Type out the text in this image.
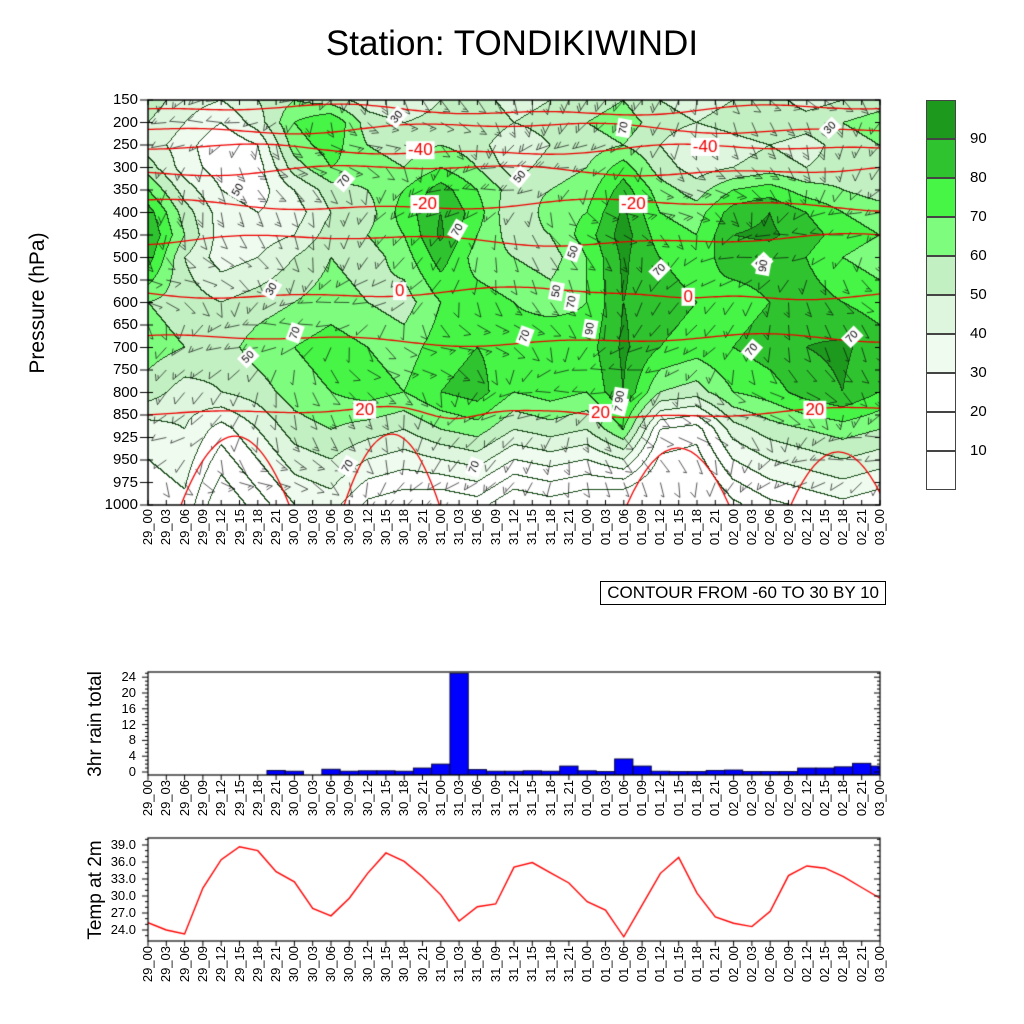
Station: TONDIKIWINDI
Pressure (hPa)
CONTOUR FROM -60 TO 30 BY 10
3hr rain total
Temp at 2m
150
200
250
300
350
400
450
500
550
600
650
700
750
800
850
925
950
975
1000
29_00 29_03 29_06 29_09 29_12 29_15 29_18 29_21 30_00 30_03 30_06 30_09 30_12 30_15 30_18 30_21 31_00 31_03 31_06 31_09 31_12 31_15 31_18 31_21 01_00 01_03 01_06 01_09 01_12 01_15 01_18 01_21 02_00 02_03 02_06 02_09 02_12 02_15 02_18 02_21 03_00
29_00 29_03 29_06 29_09 29_12 29_15 29_18 29_21 30_00 30_03 30_06 30_09 30_12 30_15 30_18 30_21 31_00 31_03 31_06 31_09 31_12 31_15 31_18 31_21 01_00 01_03 01_06 01_09 01_12 01_15 01_18 01_21 02_00 02_03 02_06 02_09 02_12 02_15 02_18 02_21 03_00
29_00 29_03 29_06 29_09 29_12 29_15 29_18 29_21 30_00 30_03 30_06 30_09 30_12 30_15 30_18 30_21 31_00 31_03 31_06 31_09 31_12 31_15 31_18 31_21 01_00 01_03 01_06 01_09 01_12 01_15 01_18 01_21 02_00 02_03 02_06 02_09 02_12 02_15 02_18 02_21 03_00
10
20
30
40
50
60
70
80
90
0
4
8
12
16
20
24
39.0
36.0
33.0
30.0
27.0
24.0
